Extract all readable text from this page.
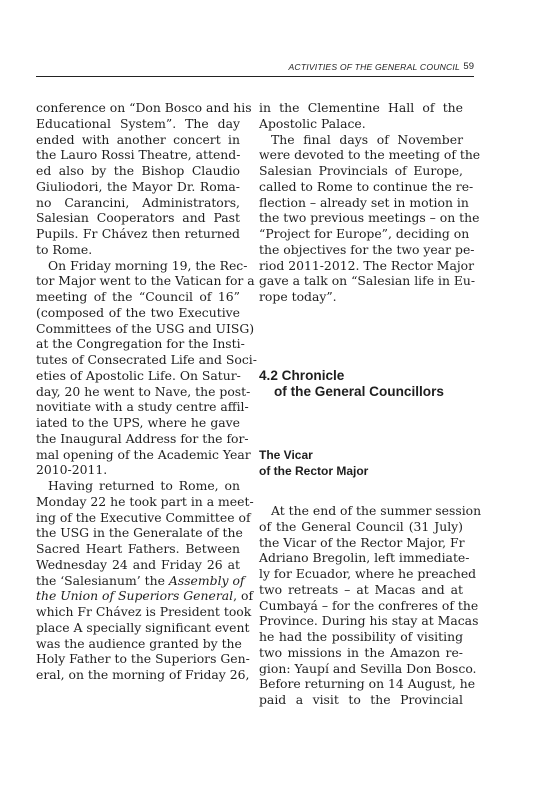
ACTIVITIES OF THE GENERAL COUNCIL 59
conference on “Don Bosco and his
Educational System”. The day
ended with another concert in
the Lauro Rossi Theatre, attend-
ed also by the Bishop Claudio
Giuliodori, the Mayor Dr. Roma-
no Carancini, Administrators,
Salesian Cooperators and Past
Pupils. Fr Chávez then returned
to Rome.
On Friday morning 19, the Rec-
tor Major went to the Vatican for a
meeting of the “Council of 16”
(composed of the two Executive
Committees of the USG and UISG)
at the Congregation for the Insti-
tutes of Consecrated Life and Soci-
eties of Apostolic Life. On Satur-
day, 20 he went to Nave, the post-
novitiate with a study centre affil-
iated to the UPS, where he gave
the Inaugural Address for the for-
mal opening of the Academic Year
2010-2011.
Having returned to Rome, on
Monday 22 he took part in a meet-
ing of the Executive Committee of
the USG in the Generalate of the
Sacred Heart Fathers. Between
Wednesday 24 and Friday 26 at
the ‘Salesianum’ the Assembly of
the Union of Superiors General, of
which Fr Chávez is President took
place A specially significant event
was the audience granted by the
Holy Father to the Superiors Gen-
eral, on the morning of Friday 26,
in the Clementine Hall of the
Apostolic Palace.
The final days of November
were devoted to the meeting of the
Salesian Provincials of Europe,
called to Rome to continue the re-
flection – already set in motion in
the two previous meetings – on the
“Project for Europe”, deciding on
the objectives for the two year pe-
riod 2011-2012. The Rector Major
gave a talk on “Salesian life in Eu-
rope today”.
4.2 Chronicle
of the General Councillors
The Vicar
of the Rector Major
At the end of the summer session
of the General Council (31 July)
the Vicar of the Rector Major, Fr
Adriano Bregolin, left immediate-
ly for Ecuador, where he preached
two retreats – at Macas and at
Cumbayá – for the confreres of the
Province. During his stay at Macas
he had the possibility of visiting
two missions in the Amazon re-
gion: Yaupí and Sevilla Don Bosco.
Before returning on 14 August, he
paid a visit to the Provincial
